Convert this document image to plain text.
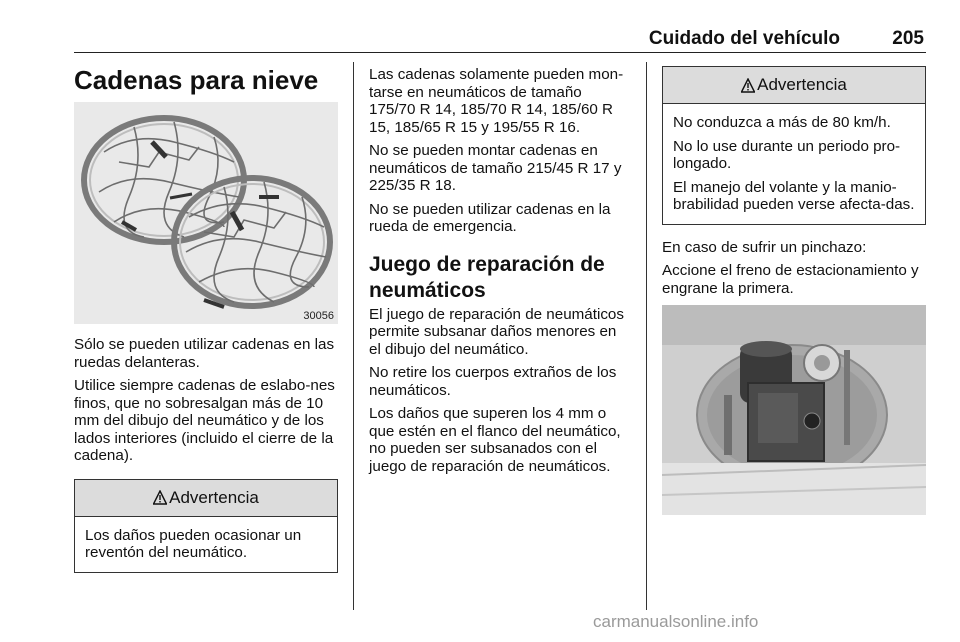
Cuidado del vehículo	205
Cadenas para nieve
30056

Sólo se pueden utilizar cadenas en las ruedas delanteras.

Utilice siempre cadenas de eslabo-nes finos, que no sobresalgan más de 10 mm del dibujo del neumático y de los lados interiores (incluido el cierre de la cadena).

Advertencia

Los daños pueden ocasionar un reventón del neumático.

Las cadenas solamente pueden mon-tarse en neumáticos de tamaño 175/70 R 14, 185/70 R 14, 185/60 R 15, 185/65 R 15 y 195/55 R 16.

No se pueden montar cadenas en neumáticos de tamaño 215/45 R 17 y 225/35 R 18.

No se pueden utilizar cadenas en la rueda de emergencia.

Juego de reparación de neumáticos

El juego de reparación de neumáticos permite subsanar daños menores en el dibujo del neumático.

No retire los cuerpos extraños de los neumáticos.

Los daños que superen los 4 mm o que estén en el flanco del neumático, no pueden ser subsanados con el juego de reparación de neumáticos.

Advertencia

No conduzca a más de 80 km/h.

No lo use durante un periodo pro-longado.

El manejo del volante y la manio-brabilidad pueden verse afecta-das.

En caso de sufrir un pinchazo:

Accione el freno de estacionamiento y engrane la primera.

carmanualsonline.info
